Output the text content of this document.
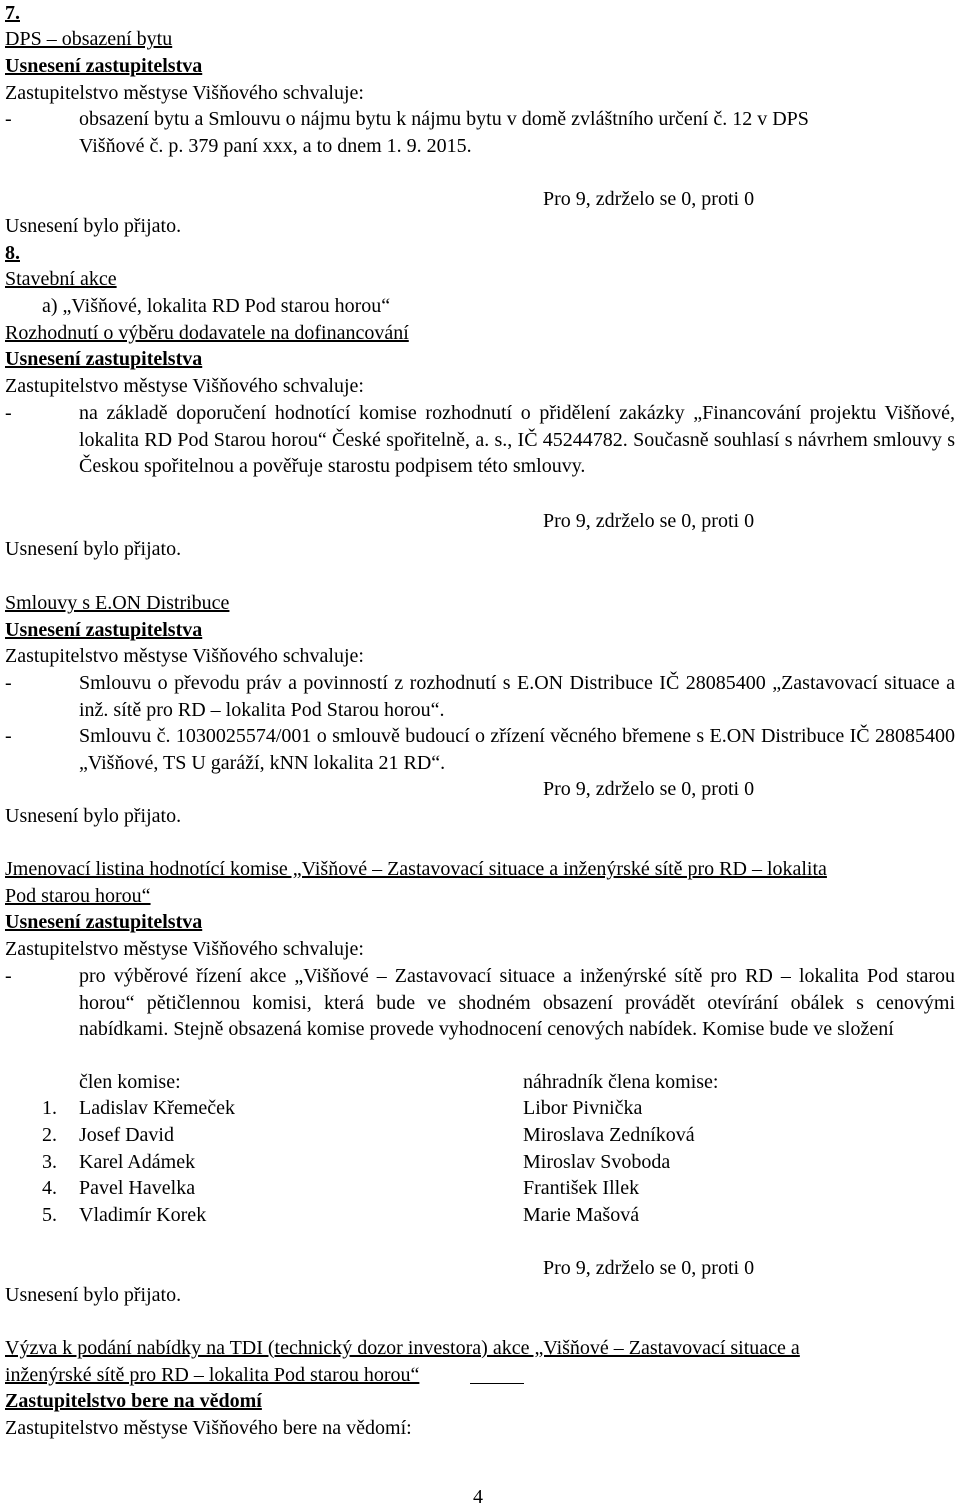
7.
DPS – obsazení bytu
Usnesení zastupitelstva
Zastupitelstvo městyse Višňového schvaluje:
-	obsazení bytu a Smlouvu o nájmu bytu k nájmu bytu v domě zvláštního určení č. 12 v DPS
Višňové č. p. 379 paní xxx, a to dnem 1. 9. 2015.
Pro 9, zdrželo se 0, proti 0
Usnesení bylo přijato.
8.
Stavební akce
a) „Višňové, lokalita RD Pod starou horou“
Rozhodnutí o výběru dodavatele na dofinancování
Usnesení zastupitelstva
Zastupitelstvo městyse Višňového schvaluje:
-	na základě doporučení hodnotící komise rozhodnutí o přidělení zakázky „Financování projektu Višňové, lokalita RD Pod Starou horou“ České spořitelně, a. s., IČ 45244782. Současně souhlasí s návrhem smlouvy s Českou spořitelnou a pověřuje starostu podpisem této smlouvy.
Pro 9, zdrželo se 0, proti 0
Usnesení bylo přijato.
Smlouvy s E.ON Distribuce
Usnesení zastupitelstva
Zastupitelstvo městyse Višňového schvaluje:
-	Smlouvu o převodu práv a povinností z rozhodnutí s E.ON Distribuce IČ 28085400 „Zastavovací situace a inž. sítě pro RD – lokalita Pod Starou horou“.
-	Smlouvu č. 1030025574/001 o smlouvě budoucí o zřízení věcného břemene s E.ON Distribuce IČ 28085400 „Višňové, TS U garáží, kNN lokalita 21 RD“.
Pro 9, zdrželo se 0, proti 0
Usnesení bylo přijato.
Jmenovací listina hodnotící komise „Višňové – Zastavovací situace a inženýrské sítě pro RD – lokalita
Pod starou horou“
Usnesení zastupitelstva
Zastupitelstvo městyse Višňového schvaluje:
-	pro výběrové řízení akce „Višňové – Zastavovací situace a inženýrské sítě pro RD – lokalita Pod starou horou“ pětičlennou komisi, která bude ve shodném obsazení provádět otevírání obálek s cenovými nabídkami. Stejně obsazená komise provede vyhodnocení cenových nabídek. Komise bude ve složení
člen komise:	náhradník člena komise:
1. Ladislav Křemeček	Libor Pivnička
2. Josef David	Miroslava Zedníková
3. Karel Adámek	Miroslav Svoboda
4. Pavel Havelka	František Illek
5. Vladimír Korek	Marie Mašová
Pro 9, zdrželo se 0, proti 0
Usnesení bylo přijato.
Výzva k podání nabídky na TDI (technický dozor investora) akce „Višňové – Zastavovací situace a
inženýrské sítě pro RD – lokalita Pod starou horou“
Zastupitelstvo bere na vědomí
Zastupitelstvo městyse Višňového bere na vědomí:
4
